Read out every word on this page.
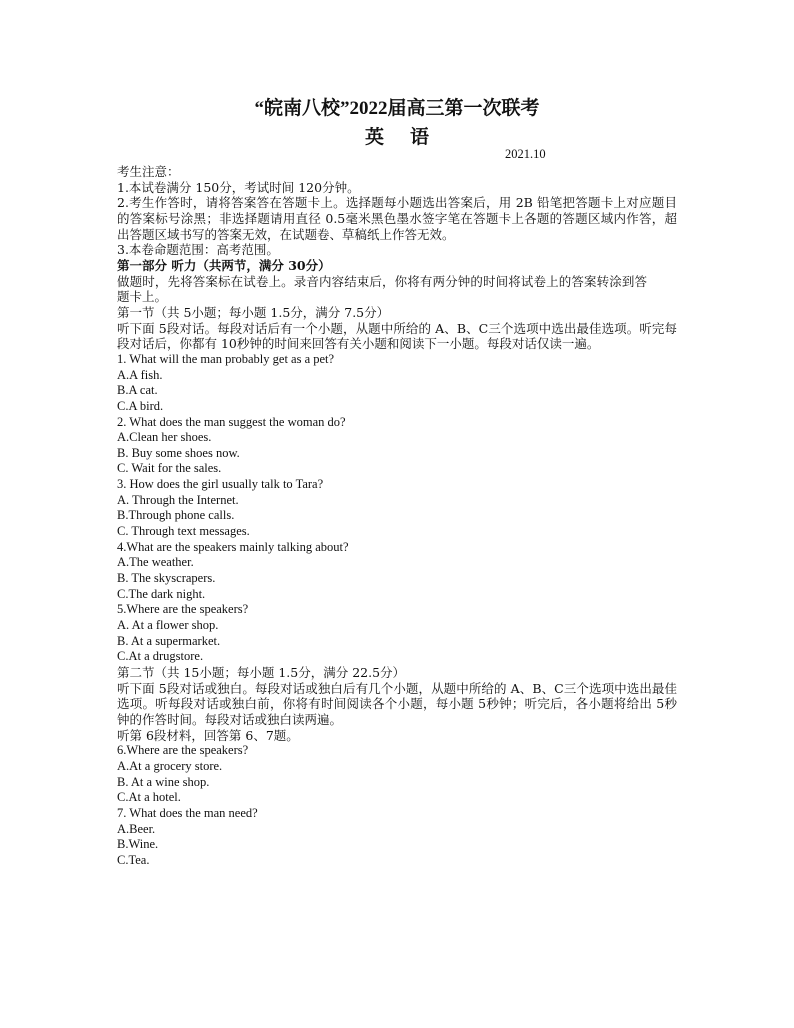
“皖南八校”2022届高三第一次联考
英语
2021.10
考生注意：
1.本试卷满分 150分，考试时间 120分钟。
2.考生作答时，请将答案答在答题卡上。选择题每小题选出答案后，用 2B 铅笔把答题卡上对应题目的答案标号涂黑；非选择题请用直径 0.5毫米黑色墨水签字笔在答题卡上各题的答题区域内作答，超出答题区域书写的答案无效，在试题卷、草稿纸上作答无效。
3.本卷命题范围：高考范围。
第一部分 听力（共两节，满分 30分）
做题时，先将答案标在试卷上。录音内容结束后，你将有两分钟的时间将试卷上的答案转涂到答题卡上。
第一节（共 5小题；每小题 1.5分，满分 7.5分）
听下面 5段对话。每段对话后有一个小题，从题中所给的 A、B、C三个选项中选出最佳选项。听完每段对话后，你都有 10秒钟的时间来回答有关小题和阅读下一小题。每段对话仅读一遍。
1. What will the man probably get as a pet?
A.A fish.
B.A cat.
C.A bird.
2. What does the man suggest the woman do?
A.Clean her shoes.
B. Buy some shoes now.
C. Wait for the sales.
3. How does the girl usually talk to Tara?
A. Through the Internet.
B.Through phone calls.
C. Through text messages.
4.What are the speakers mainly talking about?
A.The weather.
B. The skyscrapers.
C.The dark night.
5.Where are the speakers?
A. At a flower shop.
B. At a supermarket.
C.At a drugstore.
第二节（共 15小题；每小题 1.5分，满分 22.5分）
听下面 5段对话或独白。每段对话或独白后有几个小题，从题中所给的 A、B、C三个选项中选出最佳选项。听每段对话或独白前，你将有时间阅读各个小题，每小题 5秒钟；听完后，各小题将给出 5秒钟的作答时间。每段对话或独白读两遍。
听第 6段材料，回答第 6、7题。
6.Where are the speakers?
A.At a grocery store.
B. At a wine shop.
C.At a hotel.
7. What does the man need?
A.Beer.
B.Wine.
C.Tea.
